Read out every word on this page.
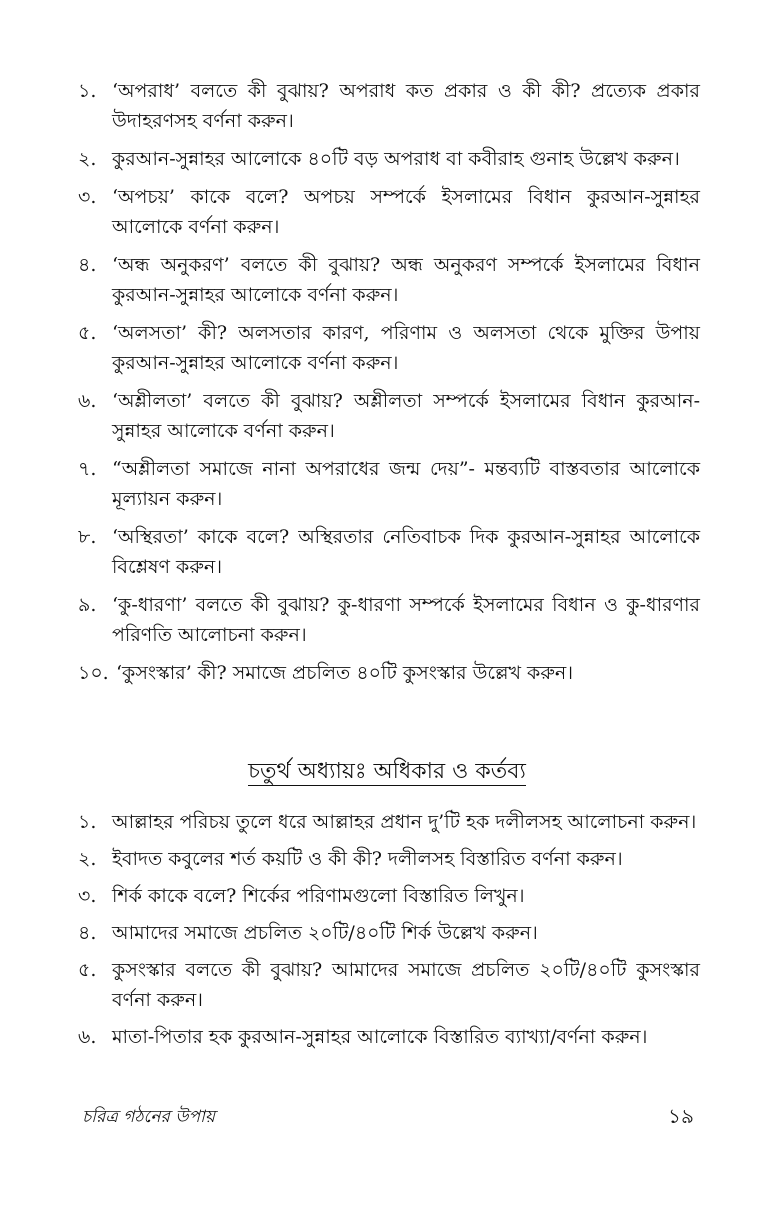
১. ‘অপরাধ’ বলতে কী বুঝায়? অপরাধ কত প্রকার ও কী কী? প্রত্যেক প্রকার উদাহরণসহ বর্ণনা করুন।
২. কুরআন-সুন্নাহর আলোকে ৪০টি বড় অপরাধ বা কবীরাহ গুনাহ উল্লেখ করুন।
৩. ‘অপচয়’ কাকে বলে? অপচয় সম্পর্কে ইসলামের বিধান কুরআন-সুন্নাহর আলোকে বর্ণনা করুন।
৪. ‘অন্ধ অনুকরণ’ বলতে কী বুঝায়? অন্ধ অনুকরণ সম্পর্কে ইসলামের বিধান কুরআন-সুন্নাহর আলোকে বর্ণনা করুন।
৫. ‘অলসতা’ কী? অলসতার কারণ, পরিণাম ও অলসতা থেকে মুক্তির উপায় কুরআন-সুন্নাহর আলোকে বর্ণনা করুন।
৬. ‘অশ্লীলতা’ বলতে কী বুঝায়? অশ্লীলতা সম্পর্কে ইসলামের বিধান কুরআন-সুন্নাহর আলোকে বর্ণনা করুন।
৭. “অশ্লীলতা সমাজে নানা অপরাধের জন্ম দেয়”- মন্তব্যটি বাস্তবতার আলোকে মূল্যায়ন করুন।
৮. ‘অস্থিরতা’ কাকে বলে? অস্থিরতার নেতিবাচক দিক কুরআন-সুন্নাহর আলোকে বিশ্লেষণ করুন।
৯. ‘কু-ধারণা’ বলতে কী বুঝায়? কু-ধারণা সম্পর্কে ইসলামের বিধান ও কু-ধারণার পরিণতি আলোচনা করুন।
১০. ‘কুসংস্কার’ কী? সমাজে প্রচলিত ৪০টি কুসংস্কার উল্লেখ করুন।
চতুর্থ অধ্যায়ঃ অধিকার ও কর্তব্য
১. আল্লাহর পরিচয় তুলে ধরে আল্লাহর প্রধান দু’টি হক দলীলসহ আলোচনা করুন।
২. ইবাদত কবুলের শর্ত কয়টি ও কী কী? দলীলসহ বিস্তারিত বর্ণনা করুন।
৩. শির্ক কাকে বলে? শির্কের পরিণামগুলো বিস্তারিত লিখুন।
৪. আমাদের সমাজে প্রচলিত ২০টি/৪০টি শির্ক উল্লেখ করুন।
৫. কুসংস্কার বলতে কী বুঝায়? আমাদের সমাজে প্রচলিত ২০টি/৪০টি কুসংস্কার বর্ণনা করুন।
৬. মাতা-পিতার হক কুরআন-সুন্নাহর আলোকে বিস্তারিত ব্যাখ্যা/বর্ণনা করুন।
চরিত্র গঠনের উপায়	১৯
